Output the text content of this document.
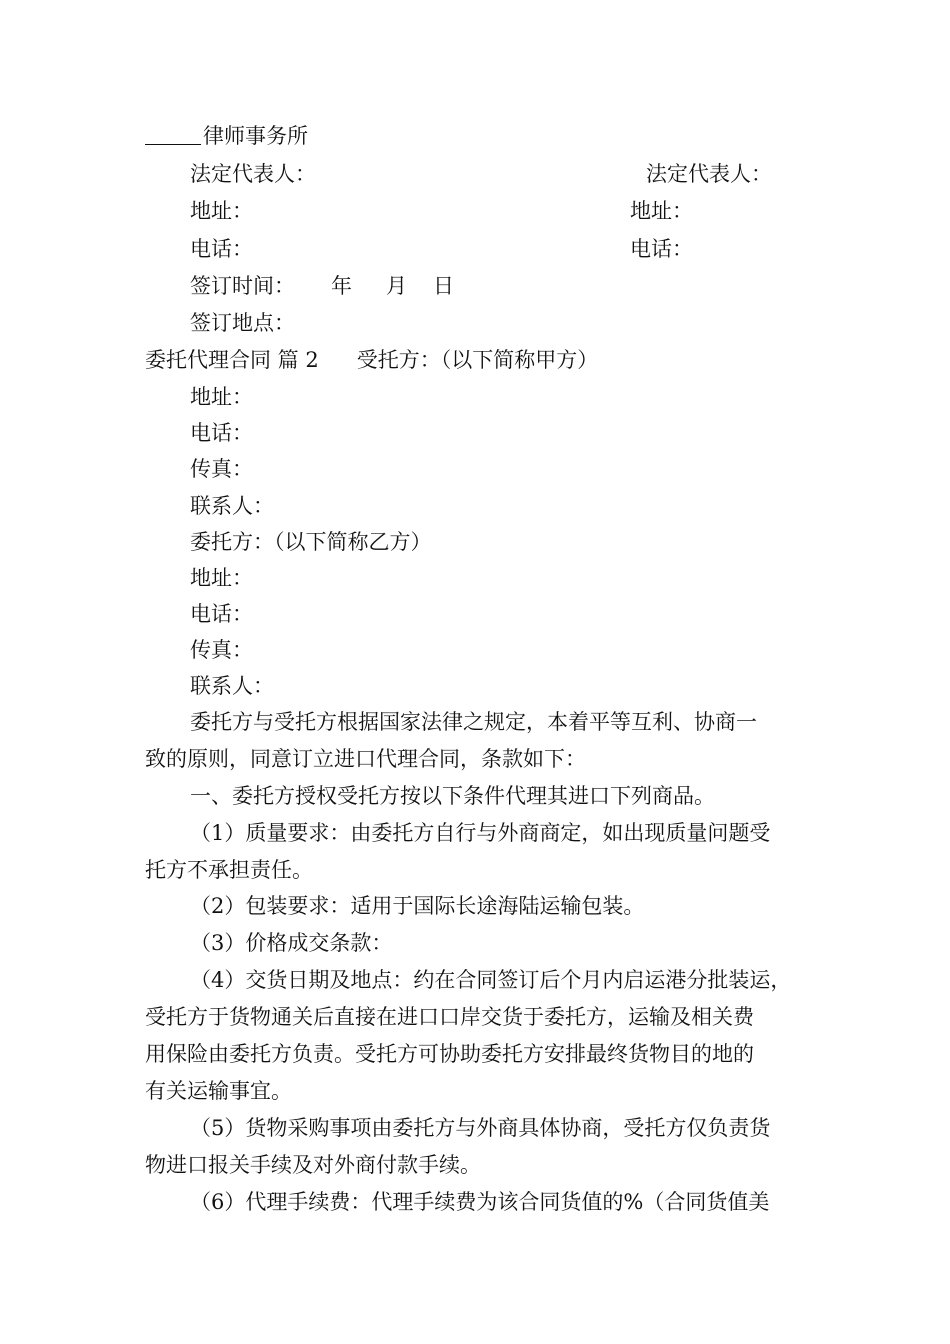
律师事务所
法定代表人：	法定代表人：
地址：	地址：
电话：	电话：
签订时间： 年 月 日
签订地点：
委托代理合同 篇 2 受托方：（以下简称甲方）
地址：
电话：
传真：
联系人：
委托方：（以下简称乙方）
地址：
电话：
传真：
联系人：
委托方与受托方根据国家法律之规定，本着平等互利、协商一
致的原则，同意订立进口代理合同，条款如下：
一、委托方授权受托方按以下条件代理其进口下列商品。
（1）质量要求：由委托方自行与外商商定，如出现质量问题受
托方不承担责任。
（2）包装要求：适用于国际长途海陆运输包装。
（3）价格成交条款：
（4）交货日期及地点：约在合同签订后个月内启运港分批装运，
受托方于货物通关后直接在进口口岸交货于委托方，运输及相关费
用保险由委托方负责。受托方可协助委托方安排最终货物目的地的
有关运输事宜。
（5）货物采购事项由委托方与外商具体协商，受托方仅负责货
物进口报关手续及对外商付款手续。
（6）代理手续费：代理手续费为该合同货值的%（合同货值美
